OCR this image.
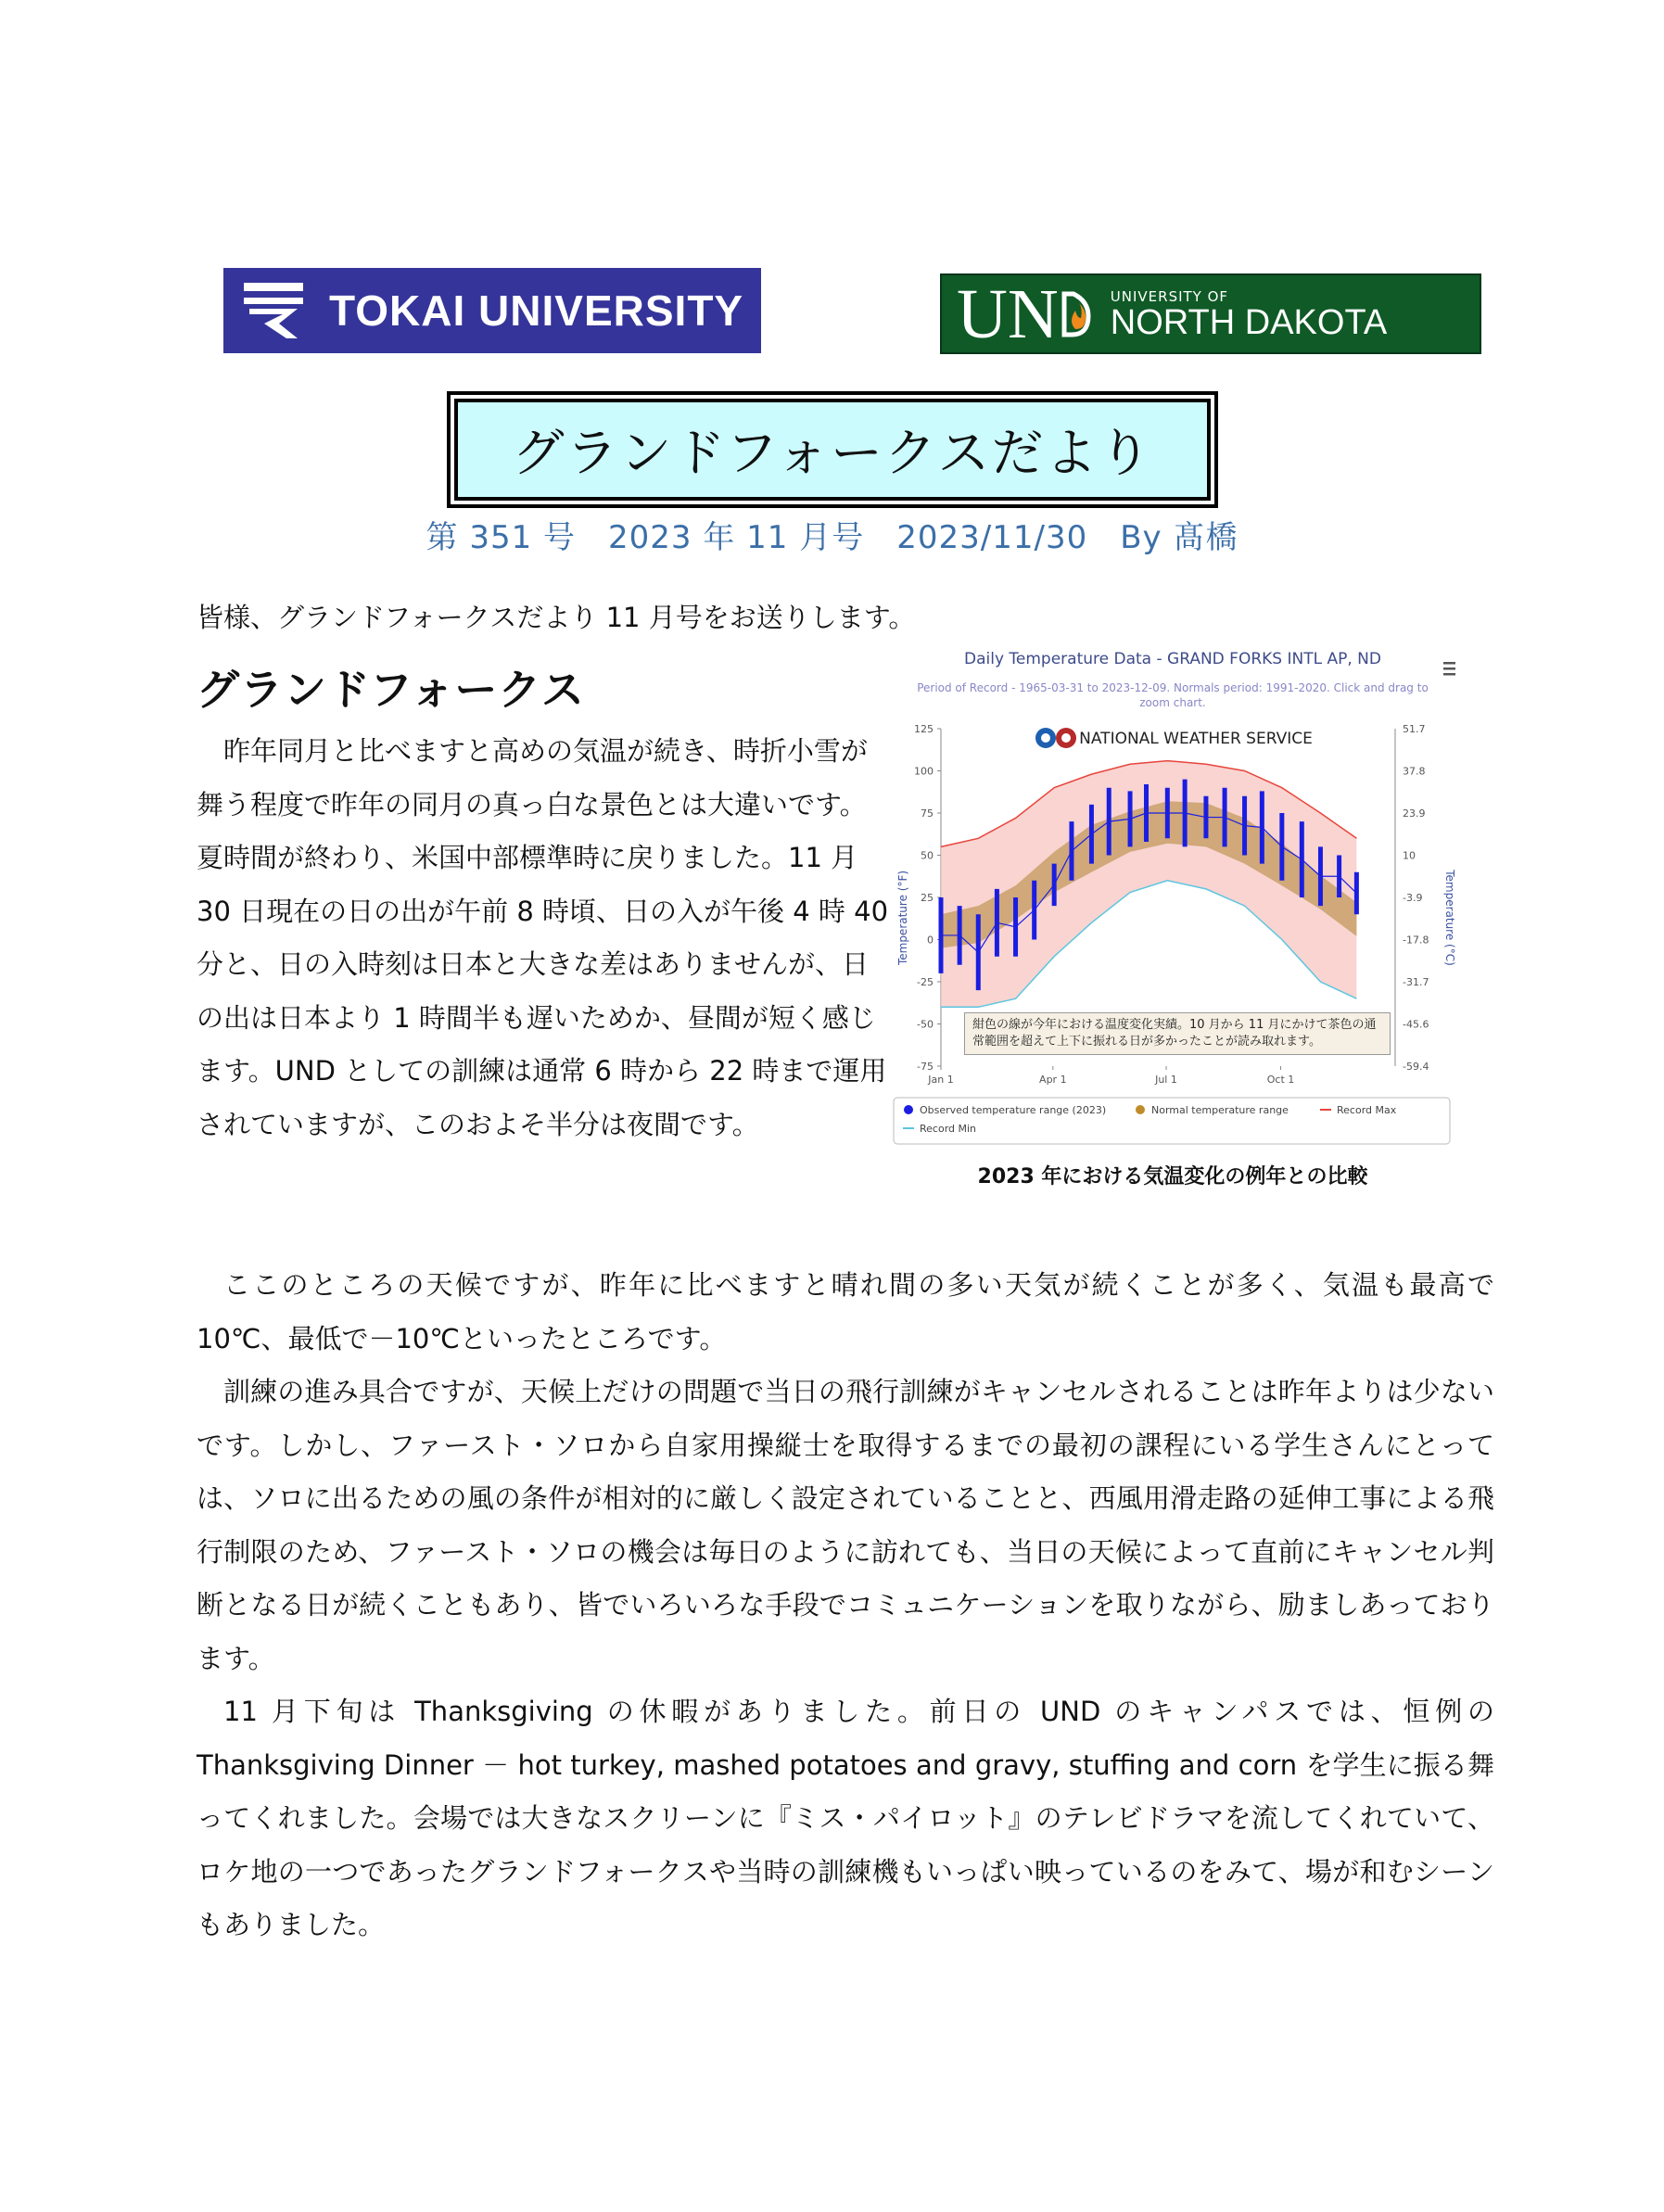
TOKAI UNIVERSITY	U N	UNIVERSITY OF
NORTH DAKOTA
グランドフォークスだより
第 351 号　2023 年 11 月号　2023/11/30　By 髙橋
皆様、グランドフォークスだより 11 月号をお送りします。
グランドフォークス

昨年同月と比べますと高めの気温が続き、時折小雪が舞う程度で昨年の同月の真っ白な景色とは大違いです。

夏時間が終わり、米国中部標準時に戻りました。11 月 30 日現在の日の出が午前 8 時頃、日の入が午後 4 時 40 分と、日の入時刻は日本と大きな差はありませんが、日の出は日本より 1 時間半も遅いためか、昼間が短く感じます。UND としての訓練は通常 6 時から 22 時まで運用されていますが、このおよそ半分は夜間です。

Daily Temperature Data - GRAND FORKS INTL AP, ND
Period of Record - 1965-03-31 to 2023-12-09. Normals period: 1991-2020. Click and drag to zoom chart.
125	51.7
100	37.8
75	23.9
50	10
25	-3.9
0	-17.8
-25	-31.7
-50	-45.6
-75	-59.4
Jan 1	Apr 1	Jul 1	Oct 1
NATIONAL WEATHER SERVICE
Temperature (°F)	Temperature (°C)
紺色の線が今年における温度変化実績。10 月から 11 月にかけて茶色の通常範囲を超えて上下に振れる日が多かったことが読み取れます。
Observed temperature range (2023)	Normal temperature range	Record Max
Record Min
2023 年における気温変化の例年との比較

ここのところの天候ですが、昨年に比べますと晴れ間の多い天気が続くことが多く、気温も最高で 10℃、最低で－10℃といったところです。

訓練の進み具合ですが、天候上だけの問題で当日の飛行訓練がキャンセルされることは昨年よりは少ないです。しかし、ファースト・ソロから自家用操縦士を取得するまでの最初の課程にいる学生さんにとっては、ソロに出るための風の条件が相対的に厳しく設定されていることと、西風用滑走路の延伸工事による飛行制限のため、ファースト・ソロの機会は毎日のように訪れても、当日の天候によって直前にキャンセル判断となる日が続くこともあり、皆でいろいろな手段でコミュニケーションを取りながら、励ましあっております。

11 月下旬は Thanksgiving の休暇がありました。前日の UND のキャンパスでは、恒例の Thanksgiving Dinner － hot turkey, mashed potatoes and gravy, stuffing and corn を学生に振る舞ってくれました。会場では大きなスクリーンに『ミス・パイロット』のテレビドラマを流してくれていて、ロケ地の一つであったグランドフォークスや当時の訓練機もいっぱい映っているのをみて、場が和むシーンもありました。
